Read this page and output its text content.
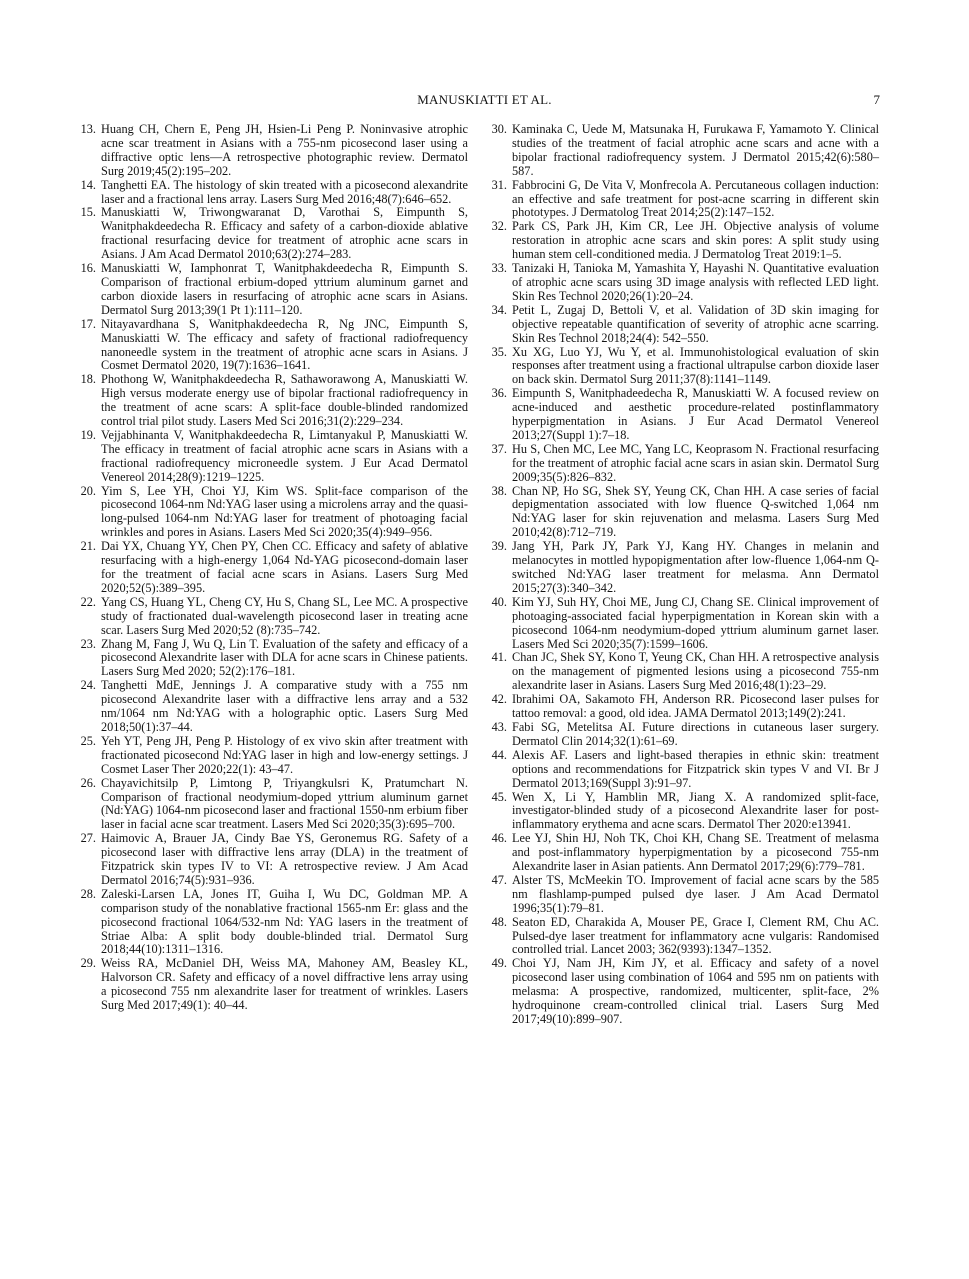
MANUSKIATTI ET AL.	7
13. Huang CH, Chern E, Peng JH, Hsien-Li Peng P. Noninvasive atrophic acne scar treatment in Asians with a 755-nm picosecond laser using a diffractive optic lens—A retrospective photographic review. Dermatol Surg 2019;45(2):195–202.
14. Tanghetti EA. The histology of skin treated with a picosecond alexandrite laser and a fractional lens array. Lasers Surg Med 2016;48(7):646–652.
15. Manuskiatti W, Triwongwaranat D, Varothai S, Eimpunth S, Wanitphakdeedecha R. Efficacy and safety of a carbon-dioxide ablative fractional resurfacing device for treatment of atrophic acne scars in Asians. J Am Acad Dermatol 2010;63(2):274–283.
16. Manuskiatti W, Iamphonrat T, Wanitphakdeedecha R, Eimpunth S. Comparison of fractional erbium-doped yttrium aluminum garnet and carbon dioxide lasers in resurfacing of atrophic acne scars in Asians. Dermatol Surg 2013;39(1 Pt 1):111–120.
17. Nitayavardhana S, Wanitphakdeedecha R, Ng JNC, Eimpunth S, Manuskiatti W. The efficacy and safety of fractional radiofrequency nanoneedle system in the treatment of atrophic acne scars in Asians. J Cosmet Dermatol 2020, 19(7):1636–1641.
18. Phothong W, Wanitphakdeedecha R, Sathaworawong A, Manuskiatti W. High versus moderate energy use of bipolar fractional radiofrequency in the treatment of acne scars: A split-face double-blinded randomized control trial pilot study. Lasers Med Sci 2016;31(2):229–234.
19. Vejjabhinanta V, Wanitphakdeedecha R, Limtanyakul P, Manuskiatti W. The efficacy in treatment of facial atrophic acne scars in Asians with a fractional radiofrequency microneedle system. J Eur Acad Dermatol Venereol 2014;28(9):1219–1225.
20. Yim S, Lee YH, Choi YJ, Kim WS. Split-face comparison of the picosecond 1064-nm Nd:YAG laser using a microlens array and the quasi-long-pulsed 1064-nm Nd:YAG laser for treatment of photoaging facial wrinkles and pores in Asians. Lasers Med Sci 2020;35(4):949–956.
21. Dai YX, Chuang YY, Chen PY, Chen CC. Efficacy and safety of ablative resurfacing with a high-energy 1,064 Nd-YAG picosecond-domain laser for the treatment of facial acne scars in Asians. Lasers Surg Med 2020;52(5):389–395.
22. Yang CS, Huang YL, Cheng CY, Hu S, Chang SL, Lee MC. A prospective study of fractionated dual-wavelength picosecond laser in treating acne scar. Lasers Surg Med 2020;52 (8):735–742.
23. Zhang M, Fang J, Wu Q, Lin T. Evaluation of the safety and efficacy of a picosecond Alexandrite laser with DLA for acne scars in Chinese patients. Lasers Surg Med 2020; 52(2):176–181.
24. Tanghetti MdE, Jennings J. A comparative study with a 755 nm picosecond Alexandrite laser with a diffractive lens array and a 532 nm/1064 nm Nd:YAG with a holographic optic. Lasers Surg Med 2018;50(1):37–44.
25. Yeh YT, Peng JH, Peng P. Histology of ex vivo skin after treatment with fractionated picosecond Nd:YAG laser in high and low-energy settings. J Cosmet Laser Ther 2020;22(1): 43–47.
26. Chayavichitsilp P, Limtong P, Triyangkulsri K, Pratumchart N. Comparison of fractional neodymium-doped yttrium aluminum garnet (Nd:YAG) 1064-nm picosecond laser and fractional 1550-nm erbium fiber laser in facial acne scar treatment. Lasers Med Sci 2020;35(3):695–700.
27. Haimovic A, Brauer JA, Cindy Bae YS, Geronemus RG. Safety of a picosecond laser with diffractive lens array (DLA) in the treatment of Fitzpatrick skin types IV to VI: A retrospective review. J Am Acad Dermatol 2016;74(5):931–936.
28. Zaleski-Larsen LA, Jones IT, Guiha I, Wu DC, Goldman MP. A comparison study of the nonablative fractional 1565-nm Er: glass and the picosecond fractional 1064/532-nm Nd: YAG lasers in the treatment of Striae Alba: A split body double-blinded trial. Dermatol Surg 2018;44(10):1311–1316.
29. Weiss RA, McDaniel DH, Weiss MA, Mahoney AM, Beasley KL, Halvorson CR. Safety and efficacy of a novel diffractive lens array using a picosecond 755 nm alexandrite laser for treatment of wrinkles. Lasers Surg Med 2017;49(1): 40–44.
30. Kaminaka C, Uede M, Matsunaka H, Furukawa F, Yamamoto Y. Clinical studies of the treatment of facial atrophic acne scars and acne with a bipolar fractional radiofrequency system. J Dermatol 2015;42(6):580–587.
31. Fabbrocini G, De Vita V, Monfrecola A. Percutaneous collagen induction: an effective and safe treatment for post-acne scarring in different skin phototypes. J Dermatolog Treat 2014;25(2):147–152.
32. Park CS, Park JH, Kim CR, Lee JH. Objective analysis of volume restoration in atrophic acne scars and skin pores: A split study using human stem cell-conditioned media. J Dermatolog Treat 2019:1–5.
33. Tanizaki H, Tanioka M, Yamashita Y, Hayashi N. Quantitative evaluation of atrophic acne scars using 3D image analysis with reflected LED light. Skin Res Technol 2020;26(1):20–24.
34. Petit L, Zugaj D, Bettoli V, et al. Validation of 3D skin imaging for objective repeatable quantification of severity of atrophic acne scarring. Skin Res Technol 2018;24(4): 542–550.
35. Xu XG, Luo YJ, Wu Y, et al. Immunohistological evaluation of skin responses after treatment using a fractional ultrapulse carbon dioxide laser on back skin. Dermatol Surg 2011;37(8):1141–1149.
36. Eimpunth S, Wanitphadeedecha R, Manuskiatti W. A focused review on acne-induced and aesthetic procedure-related postinflammatory hyperpigmentation in Asians. J Eur Acad Dermatol Venereol 2013;27(Suppl 1):7–18.
37. Hu S, Chen MC, Lee MC, Yang LC, Keoprasom N. Fractional resurfacing for the treatment of atrophic facial acne scars in asian skin. Dermatol Surg 2009;35(5):826–832.
38. Chan NP, Ho SG, Shek SY, Yeung CK, Chan HH. A case series of facial depigmentation associated with low fluence Q-switched 1,064 nm Nd:YAG laser for skin rejuvenation and melasma. Lasers Surg Med 2010;42(8):712–719.
39. Jang YH, Park JY, Park YJ, Kang HY. Changes in melanin and melanocytes in mottled hypopigmentation after low-fluence 1,064-nm Q-switched Nd:YAG laser treatment for melasma. Ann Dermatol 2015;27(3):340–342.
40. Kim YJ, Suh HY, Choi ME, Jung CJ, Chang SE. Clinical improvement of photoaging-associated facial hyperpigmentation in Korean skin with a picosecond 1064-nm neodymium-doped yttrium aluminum garnet laser. Lasers Med Sci 2020;35(7):1599–1606.
41. Chan JC, Shek SY, Kono T, Yeung CK, Chan HH. A retrospective analysis on the management of pigmented lesions using a picosecond 755-nm alexandrite laser in Asians. Lasers Surg Med 2016;48(1):23–29.
42. Ibrahimi OA, Sakamoto FH, Anderson RR. Picosecond laser pulses for tattoo removal: a good, old idea. JAMA Dermatol 2013;149(2):241.
43. Fabi SG, Metelitsa AI. Future directions in cutaneous laser surgery. Dermatol Clin 2014;32(1):61–69.
44. Alexis AF. Lasers and light-based therapies in ethnic skin: treatment options and recommendations for Fitzpatrick skin types V and VI. Br J Dermatol 2013;169(Suppl 3):91–97.
45. Wen X, Li Y, Hamblin MR, Jiang X. A randomized split-face, investigator-blinded study of a picosecond Alexandrite laser for post-inflammatory erythema and acne scars. Dermatol Ther 2020:e13941.
46. Lee YJ, Shin HJ, Noh TK, Choi KH, Chang SE. Treatment of melasma and post-inflammatory hyperpigmentation by a picosecond 755-nm Alexandrite laser in Asian patients. Ann Dermatol 2017;29(6):779–781.
47. Alster TS, McMeekin TO. Improvement of facial acne scars by the 585 nm flashlamp-pumped pulsed dye laser. J Am Acad Dermatol 1996;35(1):79–81.
48. Seaton ED, Charakida A, Mouser PE, Grace I, Clement RM, Chu AC. Pulsed-dye laser treatment for inflammatory acne vulgaris: Randomised controlled trial. Lancet 2003; 362(9393):1347–1352.
49. Choi YJ, Nam JH, Kim JY, et al. Efficacy and safety of a novel picosecond laser using combination of 1064 and 595 nm on patients with melasma: A prospective, randomized, multicenter, split-face, 2% hydroquinone cream-controlled clinical trial. Lasers Surg Med 2017;49(10):899–907.
